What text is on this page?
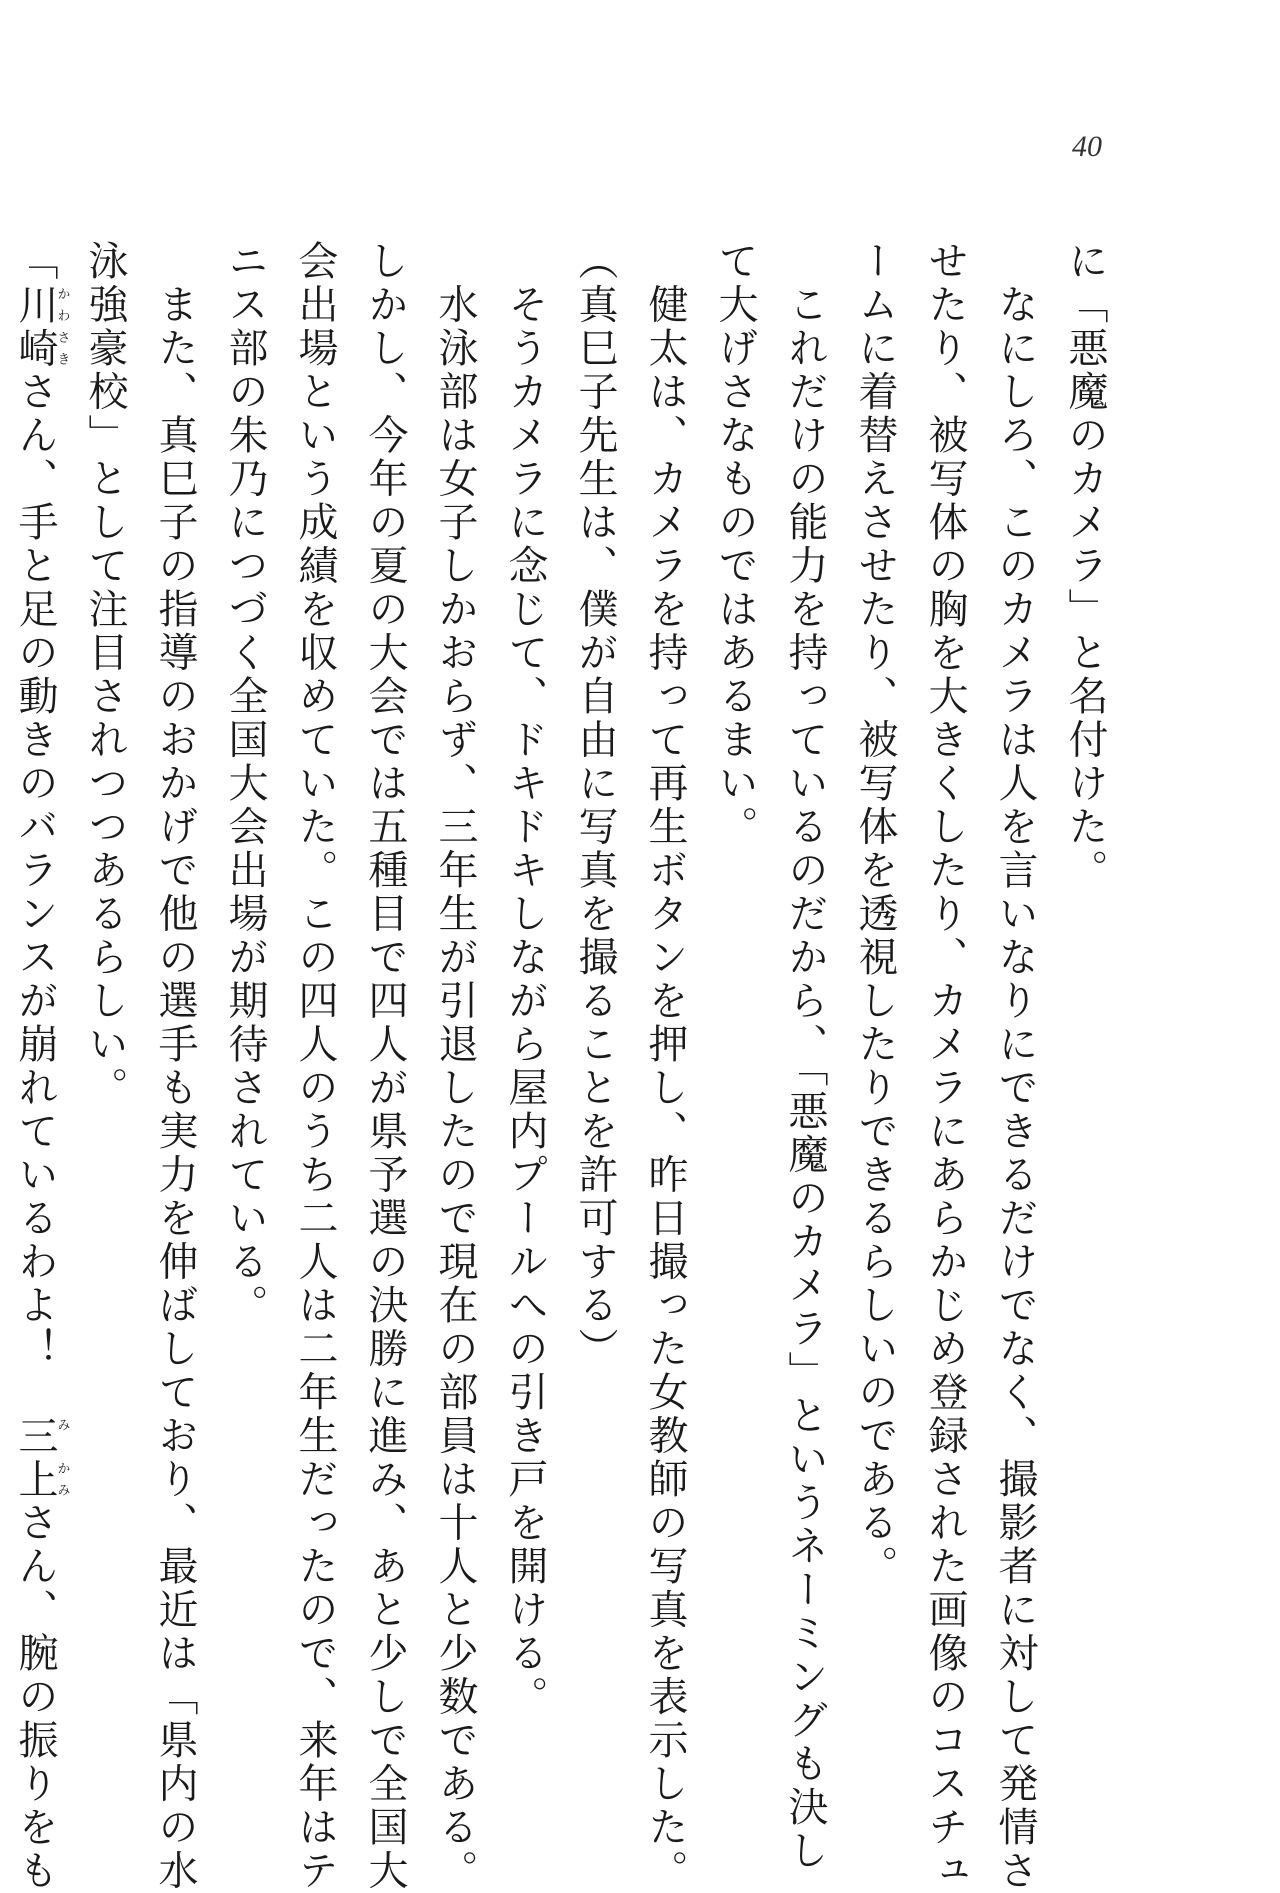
40
に「悪魔のカメラ」と名付けた。
　なにしろ、このカメラは人を言いなりにできるだけでなく、撮影者に対して発情さ
せたり、被写体の胸を大きくしたり、カメラにあらかじめ登録された画像のコスチュ
ームに着替えさせたり、被写体を透視したりできるらしいのである。
　これだけの能力を持っているのだから、「悪魔のカメラ」というネーミングも決し
て大げさなものではあるまい。
　健太は、カメラを持って再生ボタンを押し、昨日撮った女教師の写真を表示した。
（真巳子先生は、僕が自由に写真を撮ることを許可する）
　そうカメラに念じて、ドキドキしながら屋内プールへの引き戸を開ける。
　水泳部は女子しかおらず、三年生が引退したので現在の部員は十人と少数である。
しかし、今年の夏の大会では五種目で四人が県予選の決勝に進み、あと少しで全国大
会出場という成績を収めていた。この四人のうち二人は二年生だったので、来年はテ
ニス部の朱乃につづく全国大会出場が期待されている。
　また、真巳子の指導のおかげで他の選手も実力を伸ばしており、最近は「県内の水
泳強豪校」として注目されつつあるらしい。
「川崎かわさきさん、手と足の動きのバランスが崩れているわよ！　三上み　かみさん、腕の振りをも
